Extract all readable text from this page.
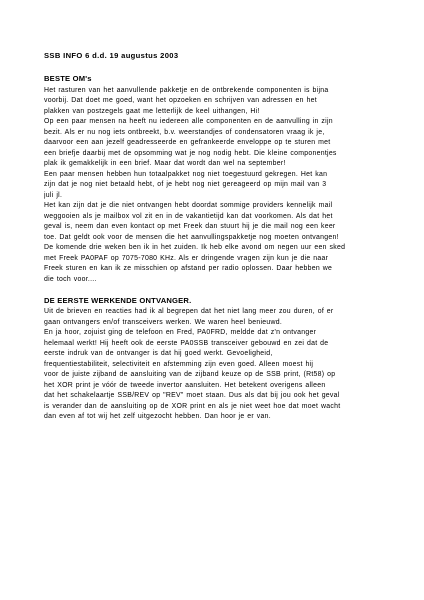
SSB INFO 6 d.d. 19 augustus 2003
BESTE OM's
Het rasturen van het aanvullende pakketje en de ontbrekende componenten is bijna
voorbij. Dat doet me goed, want het opzoeken en schrijven van adressen en het
plakken van postzegels gaat me letterlijk de keel uithangen, Hi!
Op een paar mensen na heeft nu iedereen alle componenten en de aanvulling in zijn
bezit. Als er nu nog iets ontbreekt, b.v. weerstandjes of condensatoren vraag ik je,
daarvoor een aan jezelf geadresseerde en gefrankeerde enveloppe op te sturen met
een briefje daarbij met de opsomming wat je nog nodig hebt. Die kleine componentjes
plak ik gemakkelijk in een brief. Maar dat wordt dan wel na september!
Een paar mensen hebben hun totaalpakket nog niet toegestuurd gekregen. Het kan
zijn dat je nog niet betaald hebt, of je hebt nog niet gereageerd op mijn mail van 3
juli jl.
Het kan zijn dat je die niet ontvangen hebt doordat sommige providers kennelijk mail
weggooien als je mailbox vol zit en in de vakantietijd kan dat voorkomen. Als dat het
geval is, neem dan even kontact op met Freek dan stuurt hij je die mail nog een keer
toe. Dat geldt ook voor de mensen die het aanvullingspakketje nog moeten ontvangen!
De komende drie weken ben ik in het zuiden. Ik heb elke avond om negen uur een sked
met Freek PA0PAF op 7075-7080 KHz. Als er dringende vragen zijn kun je die naar
Freek sturen en kan ik ze misschien op afstand per radio oplossen. Daar hebben we
die toch voor....
DE EERSTE WERKENDE ONTVANGER.
Uit de brieven en reacties had ik al begrepen dat het niet lang meer zou duren, of er
gaan ontvangers en/of transceivers werken. We waren heel benieuwd.
En ja hoor, zojuist ging de telefoon en Fred, PA0FRD, meldde dat z'n ontvanger
helemaal werkt! Hij heeft ook de eerste PA0SSB transceiver gebouwd en zei dat de
eerste indruk van de ontvanger is dat hij goed werkt. Gevoeligheid,
frequentiestabiliteit, selectiviteit en afstemming zijn even goed. Alleen moest hij
voor de juiste zijband de aansluiting van de zijband keuze op de SSB print, (Rt58) op
het XOR print je vóór de tweede invertor aansluiten. Het betekent overigens alleen
dat het schakelaartje SSB/REV op "REV" moet staan. Dus als dat bij jou ook het geval
is verander dan de aansluiting op de XOR print en als je niet weet hoe dat moet wacht
dan even af tot wij het zelf uitgezocht hebben. Dan hoor je er van.
